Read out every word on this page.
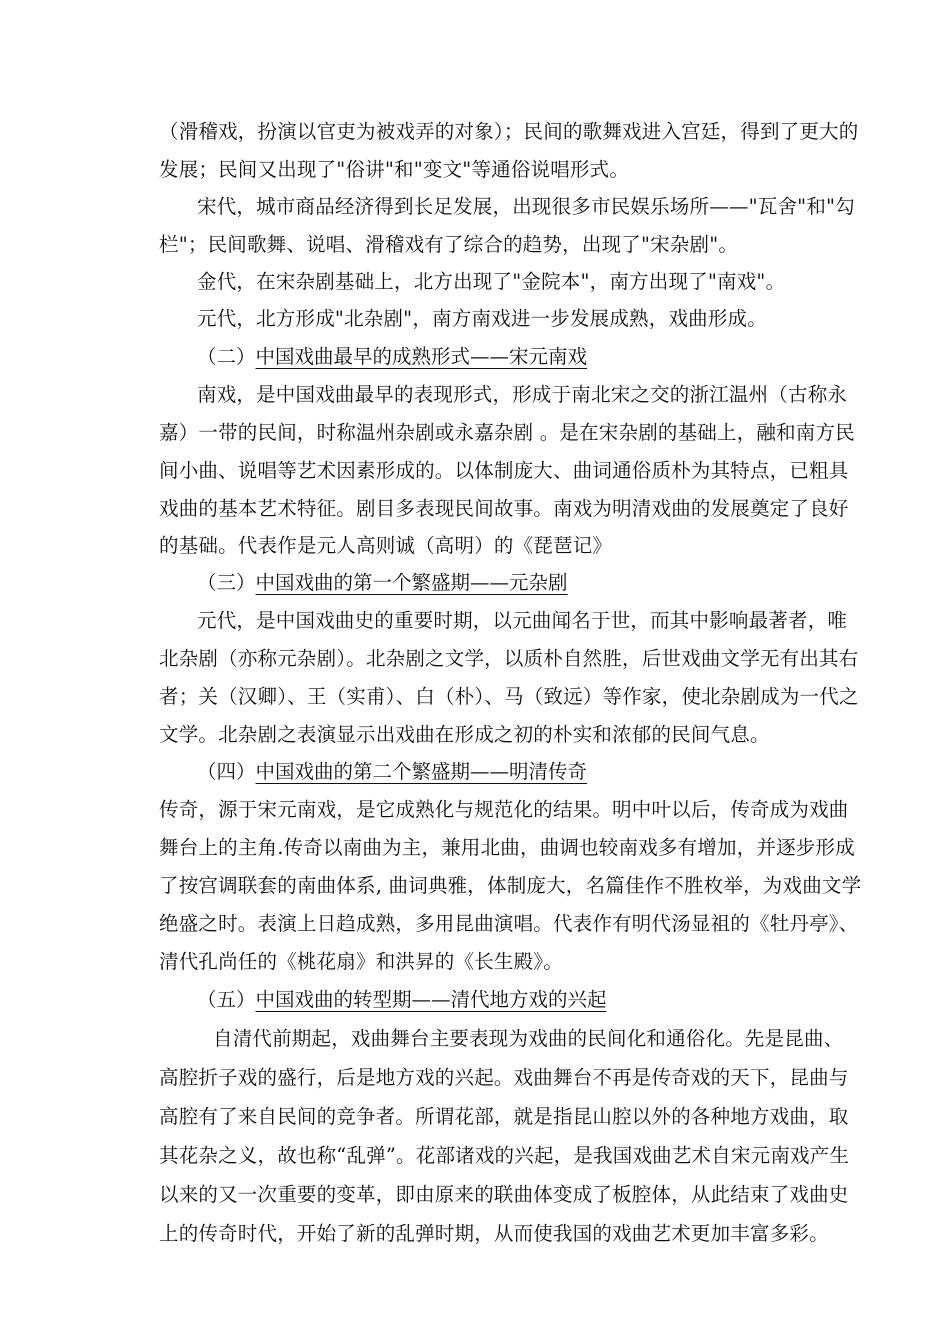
（滑稽戏，扮演以官吏为被戏弄的对象）；民间的歌舞戏进入宫廷，得到了更大的
发展；民间又出现了"俗讲"和"变文"等通俗说唱形式。
宋代，城市商品经济得到长足发展，出现很多市民娱乐场所——"瓦舍"和"勾
栏"；民间歌舞、说唱、滑稽戏有了综合的趋势，出现了"宋杂剧"。
金代，在宋杂剧基础上，北方出现了"金院本"，南方出现了"南戏"。
元代，北方形成"北杂剧"，南方南戏进一步发展成熟，戏曲形成。
（二）中国戏曲最早的成熟形式——宋元南戏
南戏，是中国戏曲最早的表现形式，形成于南北宋之交的浙江温州（古称永
嘉）一带的民间，时称温州杂剧或永嘉杂剧 。是在宋杂剧的基础上，融和南方民
间小曲、说唱等艺术因素形成的。以体制庞大、曲词通俗质朴为其特点，已粗具
戏曲的基本艺术特征。剧目多表现民间故事。南戏为明清戏曲的发展奠定了良好
的基础。代表作是元人高则诚（高明）的《琵琶记》
（三）中国戏曲的第一个繁盛期——元杂剧
元代，是中国戏曲史的重要时期，以元曲闻名于世，而其中影响最著者，唯
北杂剧（亦称元杂剧）。北杂剧之文学，以质朴自然胜，后世戏曲文学无有出其右
者；关（汉卿）、王（实甫）、白（朴）、马（致远）等作家，使北杂剧成为一代之
文学。北杂剧之表演显示出戏曲在形成之初的朴实和浓郁的民间气息。
（四）中国戏曲的第二个繁盛期——明清传奇
传奇，源于宋元南戏，是它成熟化与规范化的结果。明中叶以后，传奇成为戏曲
舞台上的主角.传奇以南曲为主，兼用北曲，曲调也较南戏多有增加，并逐步形成
了按宫调联套的南曲体系, 曲词典雅，体制庞大，名篇佳作不胜枚举，为戏曲文学
绝盛之时。表演上日趋成熟，多用昆曲演唱。代表作有明代汤显祖的《牡丹亭》、
清代孔尚任的《桃花扇》和洪昇的《长生殿》。
（五）中国戏曲的转型期——清代地方戏的兴起
自清代前期起，戏曲舞台主要表现为戏曲的民间化和通俗化。先是昆曲、
高腔折子戏的盛行，后是地方戏的兴起。戏曲舞台不再是传奇戏的天下，昆曲与
高腔有了来自民间的竞争者。所谓花部，就是指昆山腔以外的各种地方戏曲，取
其花杂之义，故也称“乱弹”。花部诸戏的兴起，是我国戏曲艺术自宋元南戏产生
以来的又一次重要的变革，即由原来的联曲体变成了板腔体，从此结束了戏曲史
上的传奇时代，开始了新的乱弹时期，从而使我国的戏曲艺术更加丰富多彩。
